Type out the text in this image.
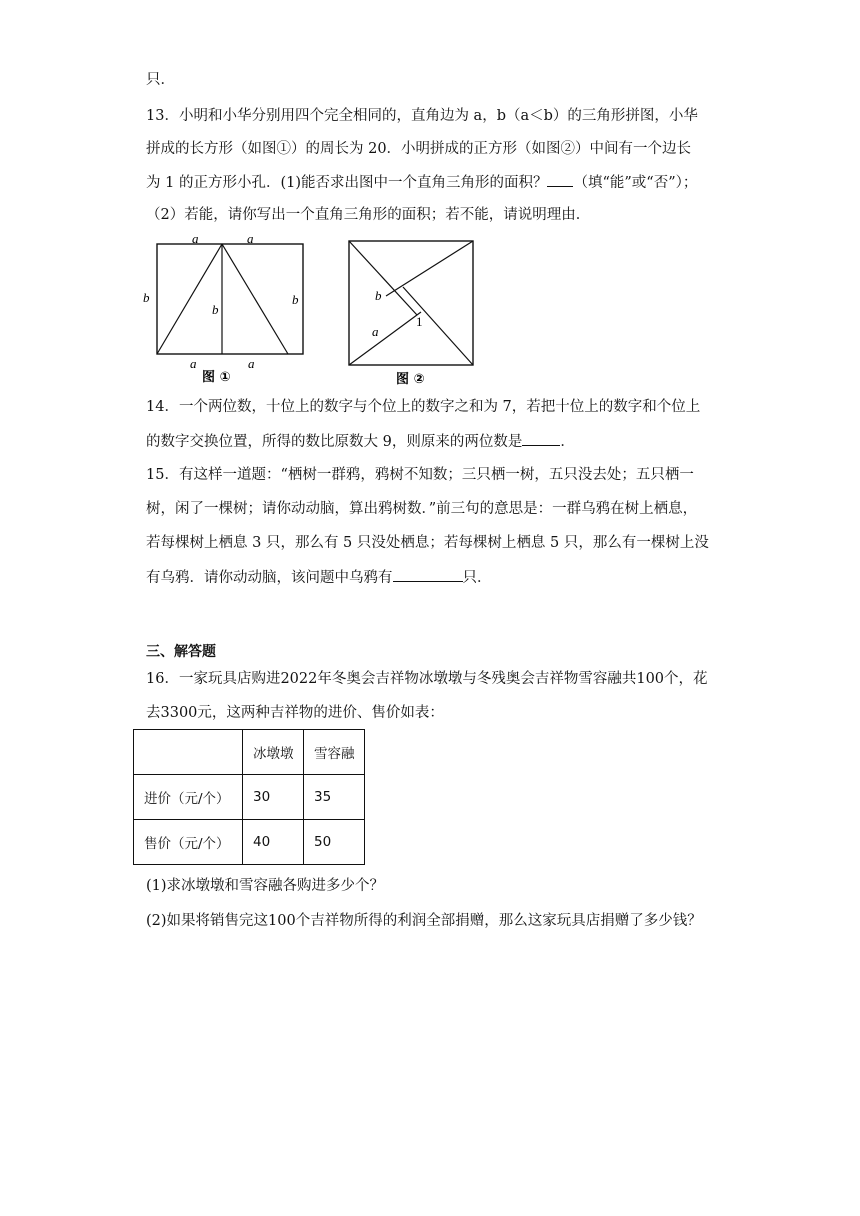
只．
13．小明和小华分别用四个完全相同的，直角边为 a，b（a＜b）的三角形拼图，小华
拼成的长方形（如图①）的周长为 20．小明拼成的正方形（如图②）中间有一个边长
为 1 的正方形小孔．(1)能否求出图中一个直角三角形的面积？ （填“能”或“否”）；
（2）若能，请你写出一个直角三角形的面积；若不能，请说明理由．
a	a
b	b
b
a	a
图 ①
b
a
1
图 ②
14．一个两位数，十位上的数字与个位上的数字之和为 7，若把十位上的数字和个位上
的数字交换位置，所得的数比原数大 9，则原来的两位数是	．
15．有这样一道题：“栖树一群鸦，鸦树不知数；三只栖一树，五只没去处；五只栖一
树，闲了一棵树；请你动动脑，算出鸦树数．”前三句的意思是：一群乌鸦在树上栖息，
若每棵树上栖息 3 只，那么有 5 只没处栖息；若每棵树上栖息 5 只，那么有一棵树上没
有乌鸦．请你动动脑，该问题中乌鸦有	只．
三、解答题
16．一家玩具店购进2022年冬奥会吉祥物冰墩墩与冬残奥会吉祥物雪容融共100个，花
去3300元，这两种吉祥物的进价、售价如表：
	冰墩墩	雪容融
进价（元/个）	30	35
售价（元/个）	40	50
(1)求冰墩墩和雪容融各购进多少个？
(2)如果将销售完这100个吉祥物所得的利润全部捐赠，那么这家玩具店捐赠了多少钱？
